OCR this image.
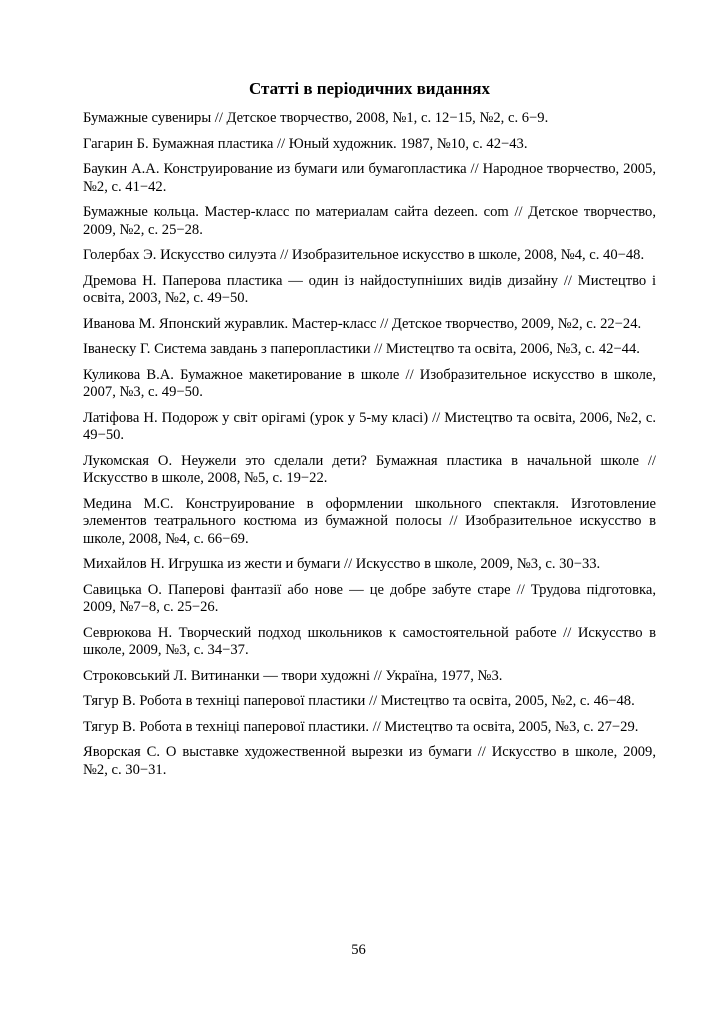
Статті в періодичних виданнях
Бумажные сувениры // Детское творчество, 2008, №1, с. 12−15, №2, с. 6−9.
Гагарин Б. Бумажная пластика // Юный художник. 1987, №10, с. 42−43.
Баукин А.А. Конструирование из бумаги или бумагопластика // Народное творчество, 2005, №2, с. 41−42.
Бумажные кольца. Мастер-класс по материалам сайта dezeen. com // Детское творчество, 2009, №2, с. 25−28.
Голербах Э. Искусство силуэта // Изобразительное искусство в школе, 2008, №4, с. 40−48.
Дремова Н. Паперова пластика — один із найдоступніших видів дизайну // Мистецтво і освіта, 2003, №2, с. 49−50.
Иванова М. Японский журавлик. Мастер-класс // Детское творчество, 2009, №2, с. 22−24.
Іванеску Г. Система завдань з паперопластики // Мистецтво та освіта, 2006, №3, с. 42−44.
Куликова В.А. Бумажное макетирование в школе // Изобразительное искусство в школе, 2007, №3, с. 49−50.
Латіфова Н. Подорож у світ орігамі (урок у 5-му класі) // Мистецтво та освіта, 2006, №2, с. 49−50.
Лукомская О. Неужели это сделали дети? Бумажная пластика в начальной школе // Искусство в школе, 2008, №5, с. 19−22.
Медина М.С. Конструирование в оформлении школьного спектакля. Изготовление элементов театрального костюма из бумажной полосы // Изобразительное искусство в школе, 2008, №4, с. 66−69.
Михайлов Н. Игрушка из жести и бумаги // Искусство в школе, 2009, №3, с. 30−33.
Савицька О. Паперові фантазії або нове — це добре забуте старе // Трудова підготовка, 2009, №7−8, с. 25−26.
Севрюкова Н. Творческий подход школьников к самостоятельной работе // Искусство в школе, 2009, №3, с. 34−37.
Строковський Л. Витинанки — твори художні // Україна, 1977, №3.
Тягур В. Робота в техніці паперової пластики // Мистецтво та освіта, 2005, №2, с. 46−48.
Тягур В. Робота в техніці паперової пластики. // Мистецтво та освіта, 2005, №3, с. 27−29.
Яворская С. О выставке художественной вырезки из бумаги // Искусство в школе, 2009, №2, с. 30−31.
56
